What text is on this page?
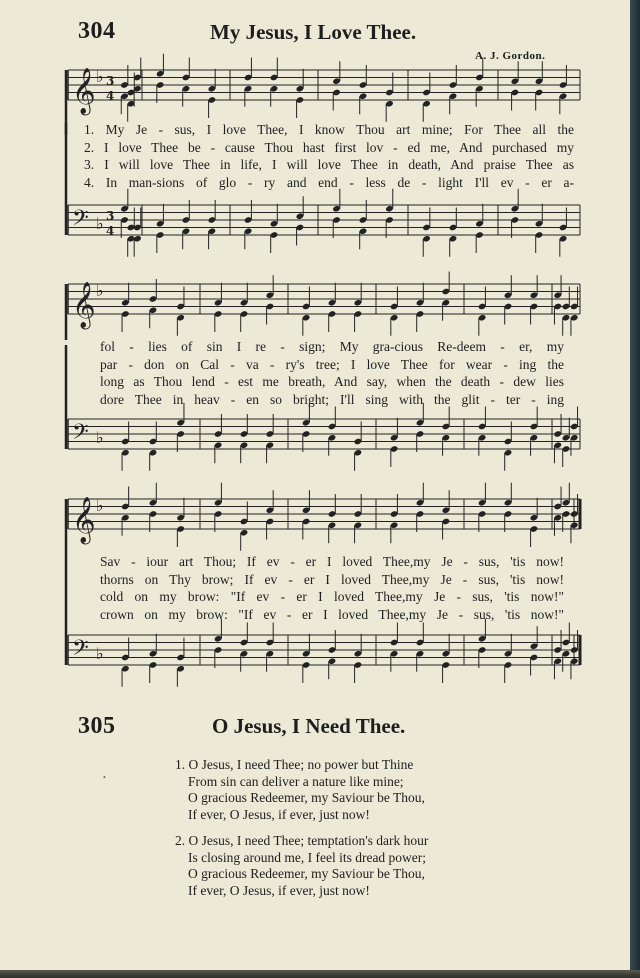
304	My Jesus, I Love Thee.
A. J. Gordon.
𝄞 ♭ 3
4
1. My Je - sus, I love Thee, I know Thou art mine; For Thee all the
2. I love Thee be - cause Thou hast first lov - ed me, And purchased my
3. I will love Thee in life, I will love Thee in death, And praise Thee as
4. In man-sions of glo - ry and end - less de - light I'll ev - er a-
𝄢 ♭ 3
4
𝄞 ♭
fol - lies of sin I re - sign; My gra-cious Re-deem - er, my
par - don on Cal - va - ry's tree; I love Thee for wear - ing the
long as Thou lend - est me breath, And say, when the death - dew lies
dore Thee in heav - en so bright; I'll sing with the glit - ter - ing
𝄢 ♭
𝄞 ♭
Sav - iour art Thou; If ev - er I loved Thee,my Je - sus, 'tis now!
thorns on Thy brow; If ev - er I loved Thee,my Je - sus, 'tis now!
cold on my brow: "If ev - er I loved Thee,my Je - sus, 'tis now!"
crown on my brow: "If ev - er I loved Thee,my Je - sus, 'tis now!"
𝄢 ♭
305	O Jesus, I Need Thee.
•
1. O Jesus, I need Thee; no power but Thine
From sin can deliver a nature like mine;
O gracious Redeemer, my Saviour be Thou,
If ever, O Jesus, if ever, just now!
2. O Jesus, I need Thee; temptation's dark hour
Is closing around me, I feel its dread power;
O gracious Redeemer, my Saviour be Thou,
If ever, O Jesus, if ever, just now!
